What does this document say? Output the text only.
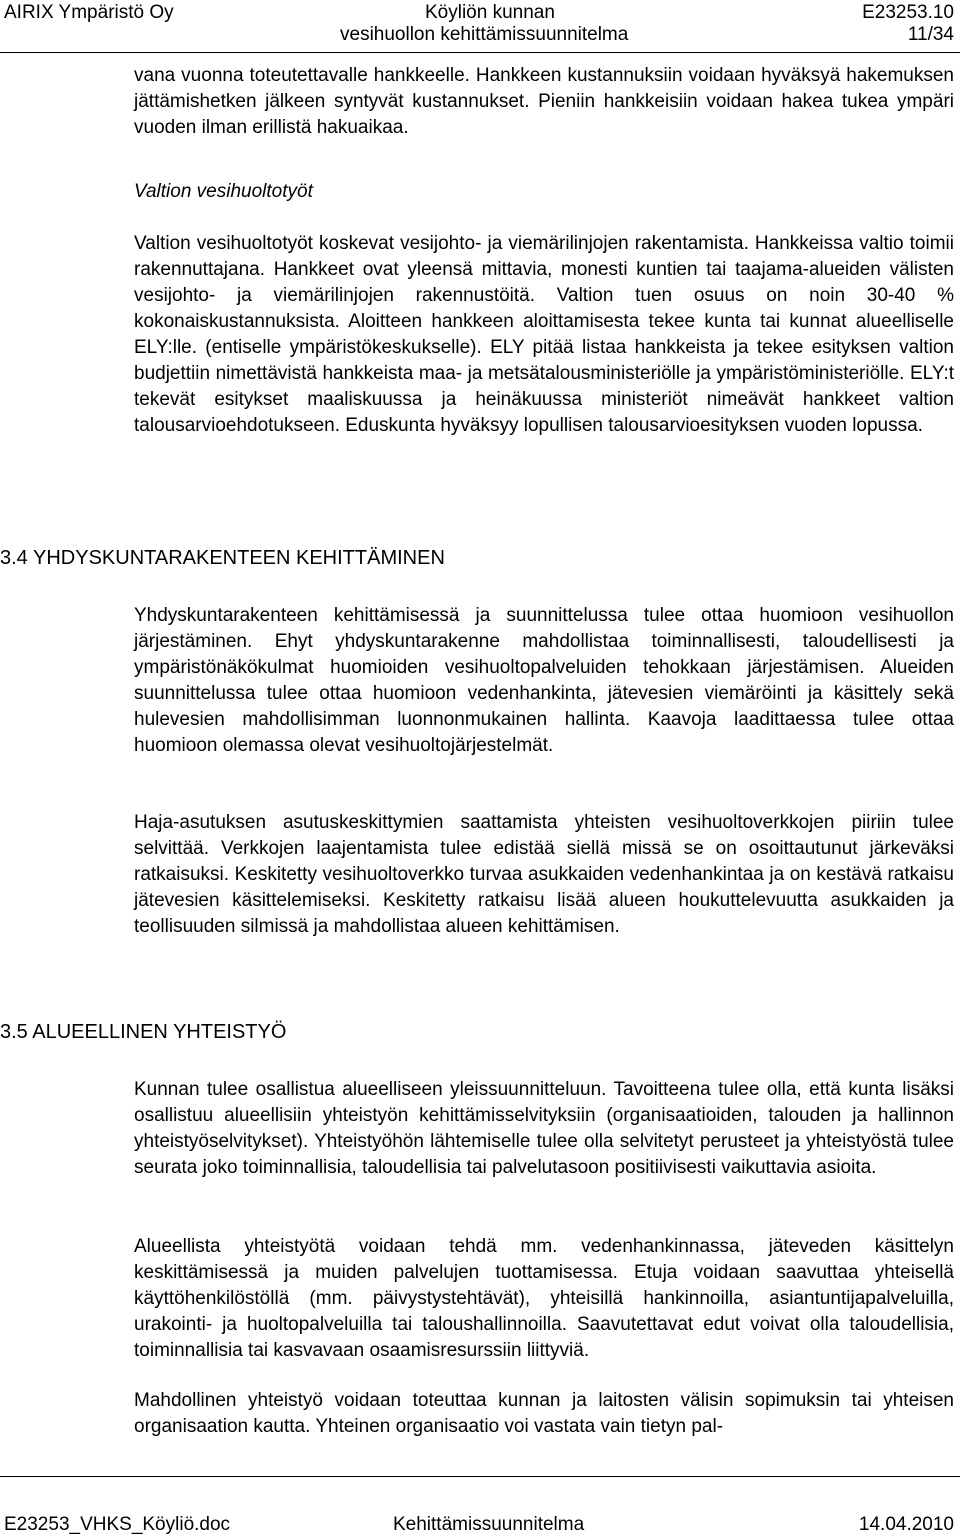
AIRIX Ympäristö Oy	Köyliön kunnan
vesihuollon kehittämissuunnitelma
E23253.10
11/34

vana vuonna toteutettavalle hankkeelle. Hankkeen kustannuksiin voidaan hyväksyä hakemuksen jättämishetken jälkeen syntyvät kustannukset. Pieniin hankkeisiin voidaan hakea tukea ympäri vuoden ilman erillistä hakuaikaa.

Valtion vesihuoltotyöt

Valtion vesihuoltotyöt koskevat vesijohto- ja viemärilinjojen rakentamista. Hankkeissa valtio toimii rakennuttajana. Hankkeet ovat yleensä mittavia, monesti kuntien tai taajama-alueiden välisten vesijohto- ja viemärilinjojen rakennustöitä. Valtion tuen osuus on noin 30-40 % kokonaiskustannuksista. Aloitteen hankkeen aloittamisesta tekee kunta tai kunnat alueelliselle ELY:lle. (entiselle ympäristökeskukselle). ELY pitää listaa hankkeista ja tekee esityksen valtion budjettiin nimettävistä hankkeista maa- ja metsätalousministeriölle ja ympäristöministeriölle. ELY:t tekevät esitykset maaliskuussa ja heinäkuussa ministeriöt nimeävät hankkeet valtion talousarvioehdotukseen. Eduskunta hyväksyy lopullisen talousarvioesityksen vuoden lopussa.

3.4 YHDYSKUNTARAKENTEEN KEHITTÄMINEN

Yhdyskuntarakenteen kehittämisessä ja suunnittelussa tulee ottaa huomioon vesihuollon järjestäminen. Ehyt yhdyskuntarakenne mahdollistaa toiminnallisesti, taloudellisesti ja ympäristönäkökulmat huomioiden vesihuoltopalveluiden tehokkaan järjestämisen. Alueiden suunnittelussa tulee ottaa huomioon vedenhankinta, jätevesien viemäröinti ja käsittely sekä hulevesien mahdollisimman luonnonmukainen hallinta. Kaavoja laadittaessa tulee ottaa huomioon olemassa olevat vesihuoltojärjestelmät.

Haja-asutuksen asutuskeskittymien saattamista yhteisten vesihuoltoverkkojen piiriin tulee selvittää. Verkkojen laajentamista tulee edistää siellä missä se on osoittautunut järkeväksi ratkaisuksi. Keskitetty vesihuoltoverkko turvaa asukkaiden vedenhankintaa ja on kestävä ratkaisu jätevesien käsittelemiseksi. Keskitetty ratkaisu lisää alueen houkuttelevuutta asukkaiden ja teollisuuden silmissä ja mahdollistaa alueen kehittämisen.

3.5 ALUEELLINEN YHTEISTYÖ

Kunnan tulee osallistua alueelliseen yleissuunnitteluun. Tavoitteena tulee olla, että kunta lisäksi osallistuu alueellisiin yhteistyön kehittämisselvityksiin (organisaatioiden, talouden ja hallinnon yhteistyöselvitykset). Yhteistyöhön lähtemiselle tulee olla selvitetyt perusteet ja yhteistyöstä tulee seurata joko toiminnallisia, taloudellisia tai palvelutasoon positiivisesti vaikuttavia asioita.

Alueellista yhteistyötä voidaan tehdä mm. vedenhankinnassa, jäteveden käsittelyn keskittämisessä ja muiden palvelujen tuottamisessa. Etuja voidaan saavuttaa yhteisellä käyttöhenkilöstöllä (mm. päivystystehtävät), yhteisillä hankinnoilla, asiantuntijapalveluilla, urakointi- ja huoltopalveluilla tai taloushallinnoilla. Saavutettavat edut voivat olla taloudellisia, toiminnallisia tai kasvavaan osaamisresurssiin liittyviä.

Mahdollinen yhteistyö voidaan toteuttaa kunnan ja laitosten välisin sopimuksin tai yhteisen organisaation kautta. Yhteinen organisaatio voi vastata vain tietyn pal-

E23253_VHKS_Köyliö.doc	Kehittämissuunnitelma	14.04.2010
